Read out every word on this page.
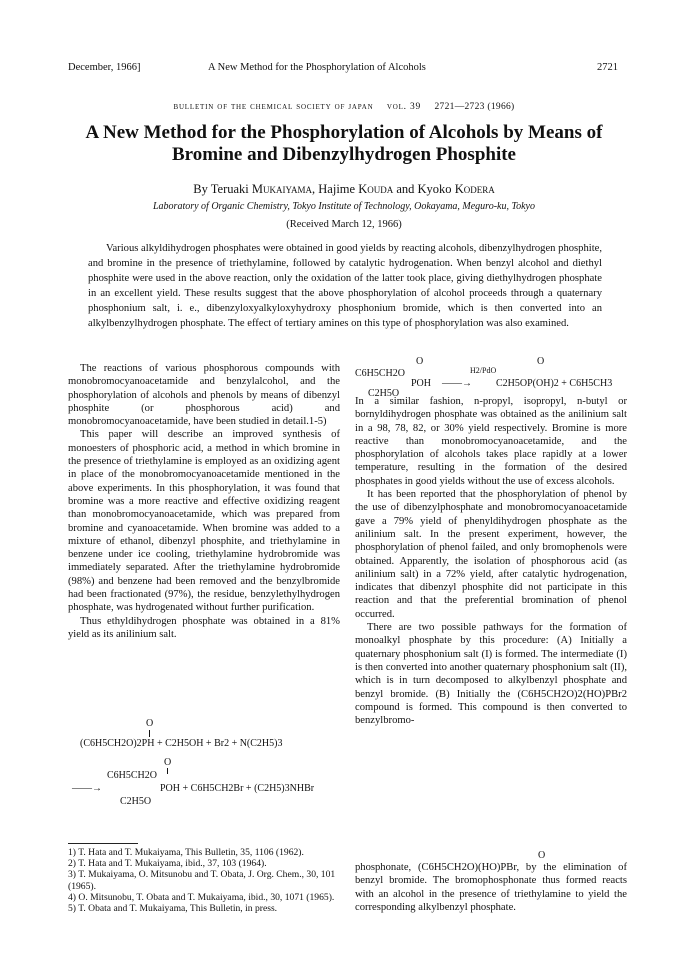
December, 1966]	A New Method for the Phosphorylation of Alcohols	2721
bulletin of the chemical society of japan vol. 39 2721—2723 (1966)
A New Method for the Phosphorylation of Alcohols by Means of Bromine and Dibenzylhydrogen Phosphite
By Teruaki Mukaiyama, Hajime Kouda and Kyoko Kodera
Laboratory of Organic Chemistry, Tokyo Institute of Technology, Ookayama, Meguro-ku, Tokyo
(Received March 12, 1966)
Various alkyldihydrogen phosphates were obtained in good yields by reacting alcohols, dibenzylhydrogen phosphite, and bromine in the presence of triethylamine, followed by catalytic hydrogenation. When benzyl alcohol and diethyl phosphite were used in the above reaction, only the oxidation of the latter took place, giving diethylhydrogen phosphate in an excellent yield. These results suggest that the above phosphorylation of alcohol proceeds through a quaternary phosphonium salt, i. e., dibenzyloxyalkyloxyhydroxy phosphonium bromide, which is then converted into an alkylbenzylhydrogen phosphate. The effect of tertiary amines on this type of phosphorylation was also examined.

The reactions of various phosphorous compounds with monobromocyanoacetamide and benzylalcohol, and the phosphorylation of alcohols and phenols by means of dibenzyl phosphite (or phosphorous acid) and monobromocyanoacetamide, have been studied in detail.1-5)

This paper will describe an improved synthesis of monoesters of phosphoric acid, a method in which bromine in the presence of triethylamine is employed as an oxidizing agent in place of the monobromocyanoacetamide mentioned in the above experiments. In this phosphorylation, it was found that bromine was a more reactive and effective oxidizing reagent than monobromocyanoacetamide, which was prepared from bromine and cyanoacetamide. When bromine was added to a mixture of ethanol, dibenzyl phosphite, and triethylamine in benzene under ice cooling, triethylamine hydrobromide was immediately separated. After the triethylamine hydrobromide (98%) and benzene had been removed and the benzylbromide had been fractionated (97%), the residue, benzylethylhydrogen phosphate, was hydrogenated without further purification.

Thus ethyldihydrogen phosphate was obtained in a 81% yield as its anilinium salt.

O
(C6H5CH2O)2PH + C2H5OH + Br2 + N(C2H5)3
O
C6H5CH2O
——→	POH + C6H5CH2Br + (C2H5)3NHBr
C2H5O
1) T. Hata and T. Mukaiyama, This Bulletin, 35, 1106 (1962).
2) T. Hata and T. Mukaiyama, ibid., 37, 103 (1964).
3) T. Mukaiyama, O. Mitsunobu and T. Obata, J. Org. Chem., 30, 101 (1965).
4) O. Mitsunobu, T. Obata and T. Mukaiyama, ibid., 30, 1071 (1965).
5) T. Obata and T. Mukaiyama, This Bulletin, in press.
O	O
C6H5CH2O	H2/PdO
POH ——→ C2H5OP(OH)2 + C6H5CH3
C2H5O

In a similar fashion, n-propyl, isopropyl, n-butyl or bornyldihydrogen phosphate was obtained as the anilinium salt in a 98, 78, 82, or 30% yield respectively. Bromine is more reactive than monobromocyanoacetamide, and the phosphorylation of alcohols takes place rapidly at a lower temperature, resulting in the formation of the desired phosphates in good yields without the use of excess alcohols.

It has been reported that the phosphorylation of phenol by the use of dibenzylphosphate and monobromocyanoacetamide gave a 79% yield of phenyldihydrogen phosphate as the anilinium salt. In the present experiment, however, the phosphorylation of phenol failed, and only bromophenols were obtained. Apparently, the isolation of phosphorous acid (as anilinium salt) in a 72% yield, after catalytic hydrogenation, indicates that dibenzyl phosphite did not participate in this reaction and that the preferential bromination of phenol occurred.

There are two possible pathways for the formation of monoalkyl phosphate by this procedure: (A) Initially a quaternary phosphonium salt (I) is formed. The intermediate (I) is then converted into another quaternary phosphonium salt (II), which is in turn decomposed to alkylbenzyl phosphate and benzyl bromide. (B) Initially the (C6H5CH2O)2(HO)PBr2 compound is formed. This compound is then converted to benzylbromo-

O
phosphonate, (C6H5CH2O)(HO)PBr, by the elimination of benzyl bromide. The bromophosphonate thus formed reacts with an alcohol in the presence of triethylamine to yield the corresponding alkylbenzyl phosphate.
